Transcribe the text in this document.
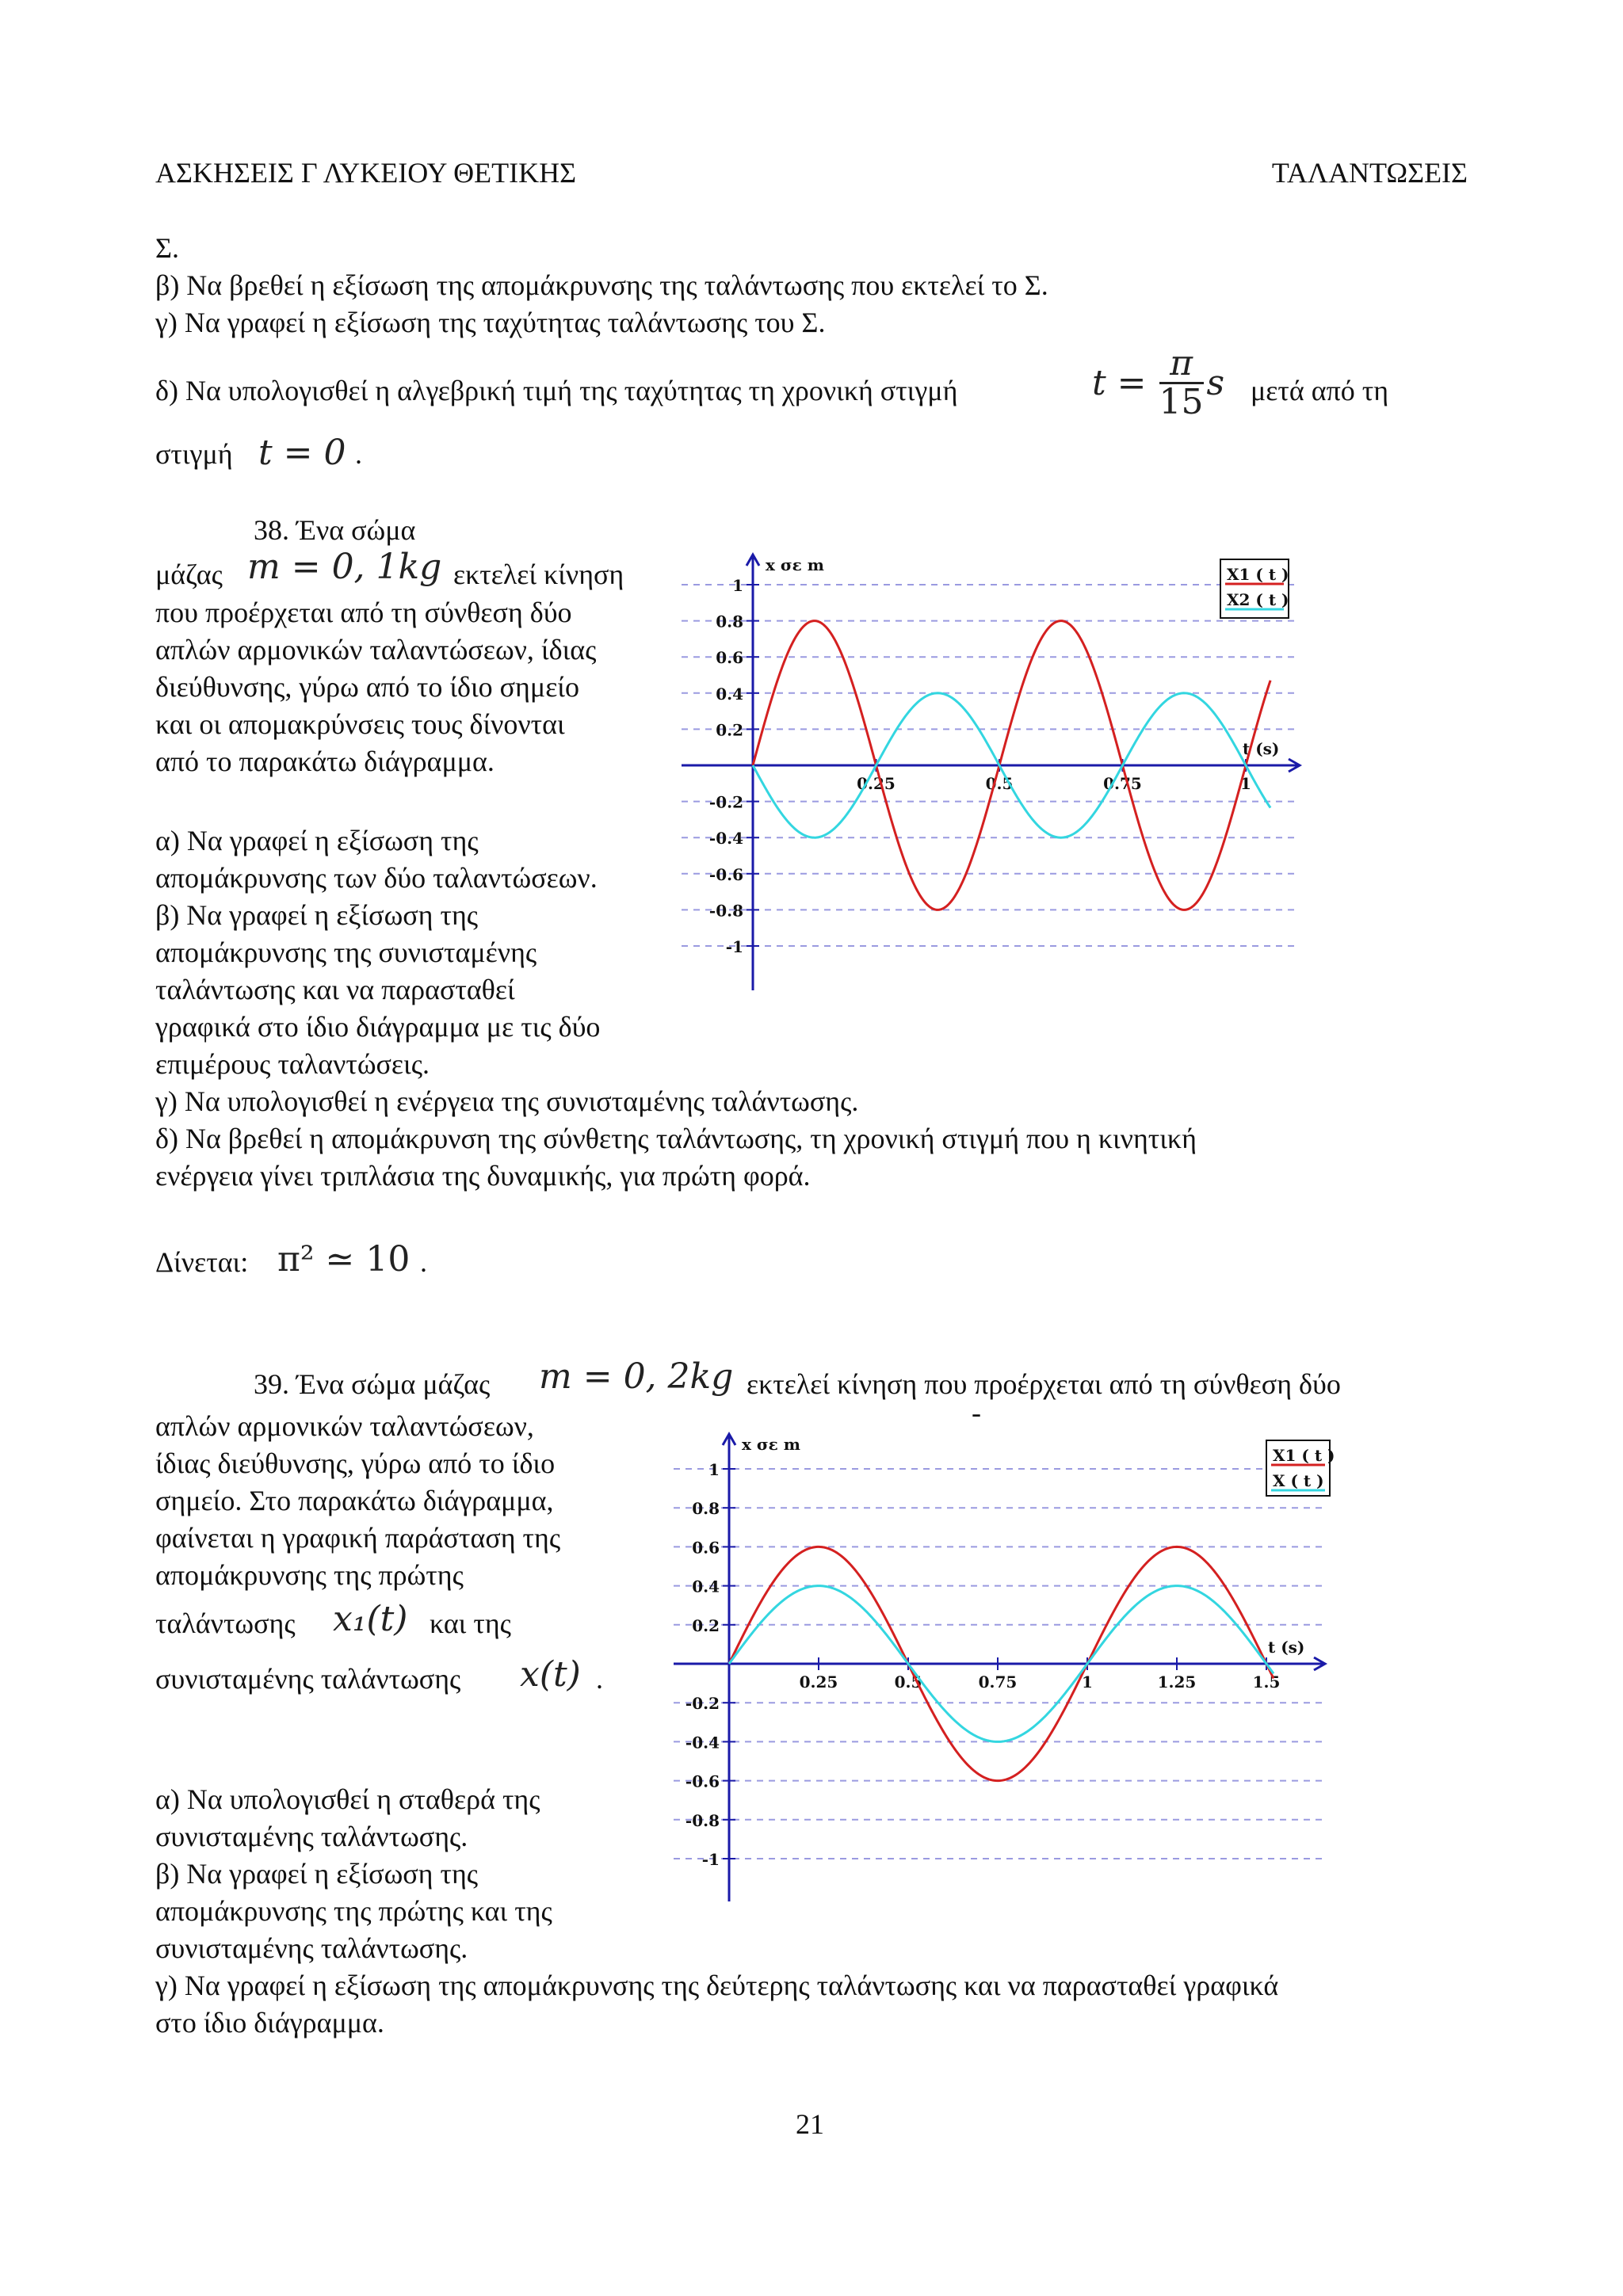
ΑΣΚΗΣΕΙΣ Γ ΛΥΚΕΙΟΥ ΘΕΤΙΚΗΣ	ΤΑΛΑΝΤΩΣΕΙΣ
Σ.
β) Να βρεθεί η εξίσωση της απομάκρυνσης της ταλάντωσης που εκτελεί το Σ.
γ) Να γραφεί η εξίσωση της ταχύτητας ταλάντωσης του Σ.
δ) Να υπολογισθεί η αλγεβρική τιμή της ταχύτητας τη χρονική στιγμή	$t = \frac{\pi}{15}$ s μετά από τη
στιγμή t = 0 .
38. Ένα σώμα
μάζας m = 0, 1kg εκτελεί κίνηση
που προέρχεται από τη σύνθεση δύο
απλών αρμονικών ταλαντώσεων, ίδιας
διεύθυνσης, γύρω από το ίδιο σημείο
και οι απομακρύνσεις τους δίνονται
από το παρακάτω διάγραμμα.
α) Να γραφεί η εξίσωση της
απομάκρυνσης των δύο ταλαντώσεων.
β) Να γραφεί η εξίσωση της
απομάκρυνσης της συνισταμένης
ταλάντωσης και να παρασταθεί
γραφικά στο ίδιο διάγραμμα με τις δύο
επιμέρους ταλαντώσεις.
γ) Να υπολογισθεί η ενέργεια της συνισταμένης ταλάντωσης.
δ) Να βρεθεί η απομάκρυνση της σύνθετης ταλάντωσης, τη χρονική στιγμή που η κινητική
ενέργεια γίνει τριπλάσια της δυναμικής, για πρώτη φορά.
Δίνεται: π² ≃ 10 .
1
0.8
0.6
0.4
0.2
-0.2
-0.4
-0.6
-0.8
-1
0.25	0.5	0.75	1
x σε m
t (s)
X1 ( t )
X2 ( t )
39. Ένα σώμα μάζας m = 0, 2kg εκτελεί κίνηση που προέρχεται από τη σύνθεση δύο
-
απλών αρμονικών ταλαντώσεων,
ίδιας διεύθυνσης, γύρω από το ίδιο
σημείο. Στο παρακάτω διάγραμμα,
φαίνεται η γραφική παράσταση της
απομάκρυνσης της πρώτης
ταλάντωσης x₁(t) και της
συνισταμένης ταλάντωσης x(t) .
α) Να υπολογισθεί η σταθερά της
συνισταμένης ταλάντωσης.
β) Να γραφεί η εξίσωση της
απομάκρυνσης της πρώτης και της
συνισταμένης ταλάντωσης.
γ) Να γραφεί η εξίσωση της απομάκρυνσης της δεύτερης ταλάντωσης και να παρασταθεί γραφικά
στο ίδιο διάγραμμα.
1
0.8
0.6
0.4
0.2
-0.2
-0.4
-0.6
-0.8
-1
0.25	0.5	0.75	1	1.25	1.5
x σε m
t (s)
X1 ( t )
X ( t )
21
